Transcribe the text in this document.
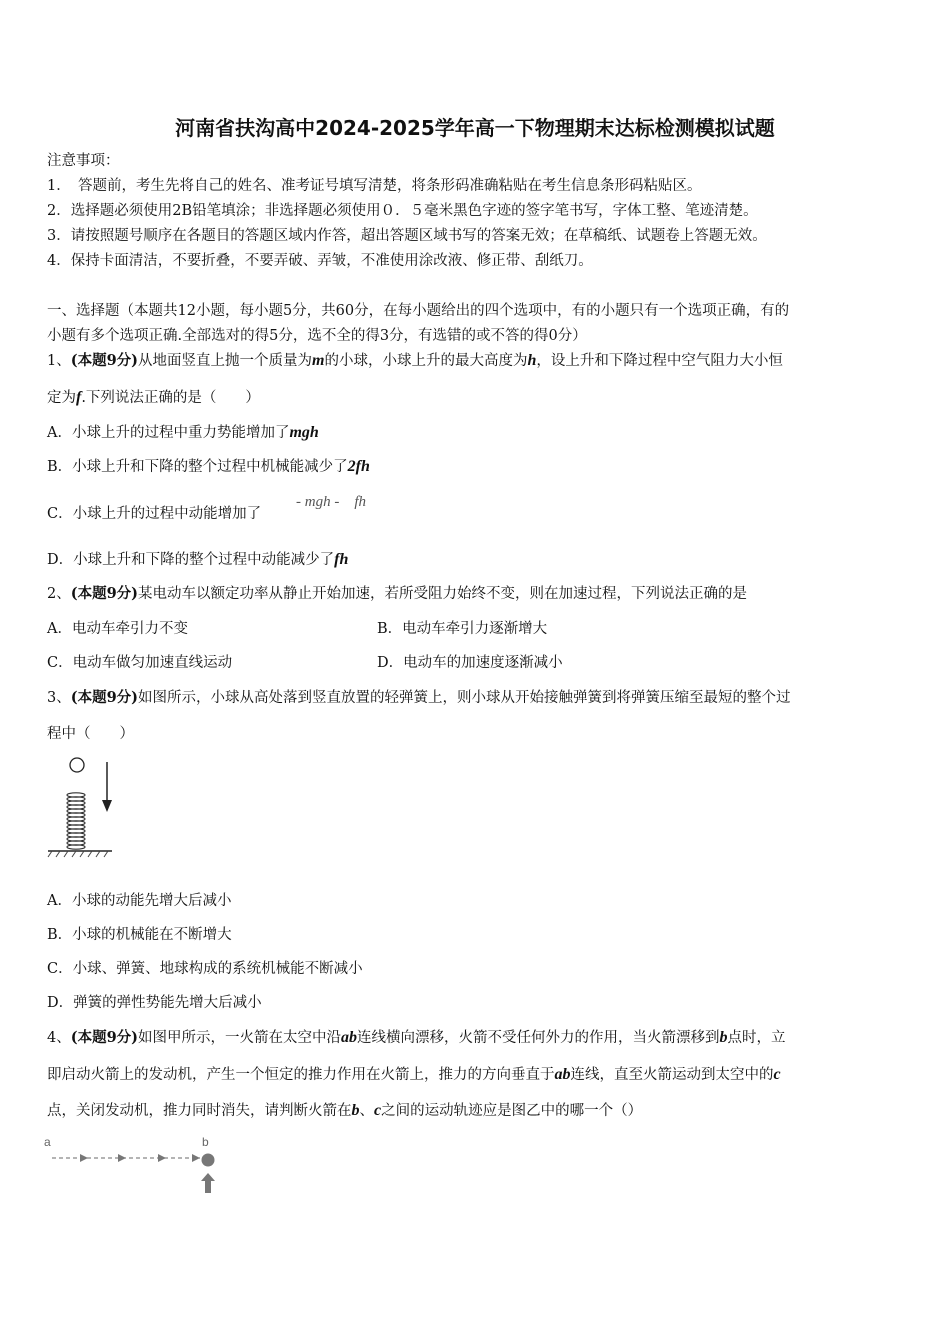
河南省扶沟高中2024-2025学年高一下物理期末达标检测模拟试题
注意事项：
1．　答题前，考生先将自己的姓名、准考证号填写清楚，将条形码准确粘贴在考生信息条形码粘贴区。
2．选择题必须使用2B铅笔填涂；非选择题必须使用０．５毫米黑色字迹的签字笔书写，字体工整、笔迹清楚。
3．请按照题号顺序在各题目的答题区域内作答，超出答题区域书写的答案无效；在草稿纸、试题卷上答题无效。
4．保持卡面清洁，不要折叠，不要弄破、弄皱，不准使用涂改液、修正带、刮纸刀。
一、选择题（本题共12小题，每小题5分，共60分，在每小题给出的四个选项中，有的小题只有一个选项正确，有的
小题有多个选项正确.全部选对的得5分，选不全的得3分，有选错的或不答的得0分）
1、(本题9分)从地面竖直上抛一个质量为m的小球，小球上升的最大高度为h，设上升和下降过程中空气阻力大小恒
定为f.下列说法正确的是（　　）
A．小球上升的过程中重力势能增加了mgh
B．小球上升和下降的整个过程中机械能减少了2fh
C．小球上升的过程中动能增加了
- mgh -　fh
D．小球上升和下降的整个过程中动能减少了fh
2、(本题9分)某电动车以额定功率从静止开始加速，若所受阻力始终不变，则在加速过程，下列说法正确的是
A．电动车牵引力不变	B．电动车牵引力逐渐增大
C．电动车做匀加速直线运动	D．电动车的加速度逐渐减小
3、(本题9分)如图所示，小球从高处落到竖直放置的轻弹簧上，则小球从开始接触弹簧到将弹簧压缩至最短的整个过
程中（　　）
A．小球的动能先增大后减小
B．小球的机械能在不断增大
C．小球、弹簧、地球构成的系统机械能不断减小
D．弹簧的弹性势能先增大后减小
4、(本题9分)如图甲所示，一火箭在太空中沿ab连线横向漂移，火箭不受任何外力的作用，当火箭漂移到b点时，立
即启动火箭上的发动机，产生一个恒定的推力作用在火箭上，推力的方向垂直于ab连线，直至火箭运动到太空中的c
点，关闭发动机，推力同时消失，请判断火箭在b、c之间的运动轨迹应是图乙中的哪一个（）
a	b
